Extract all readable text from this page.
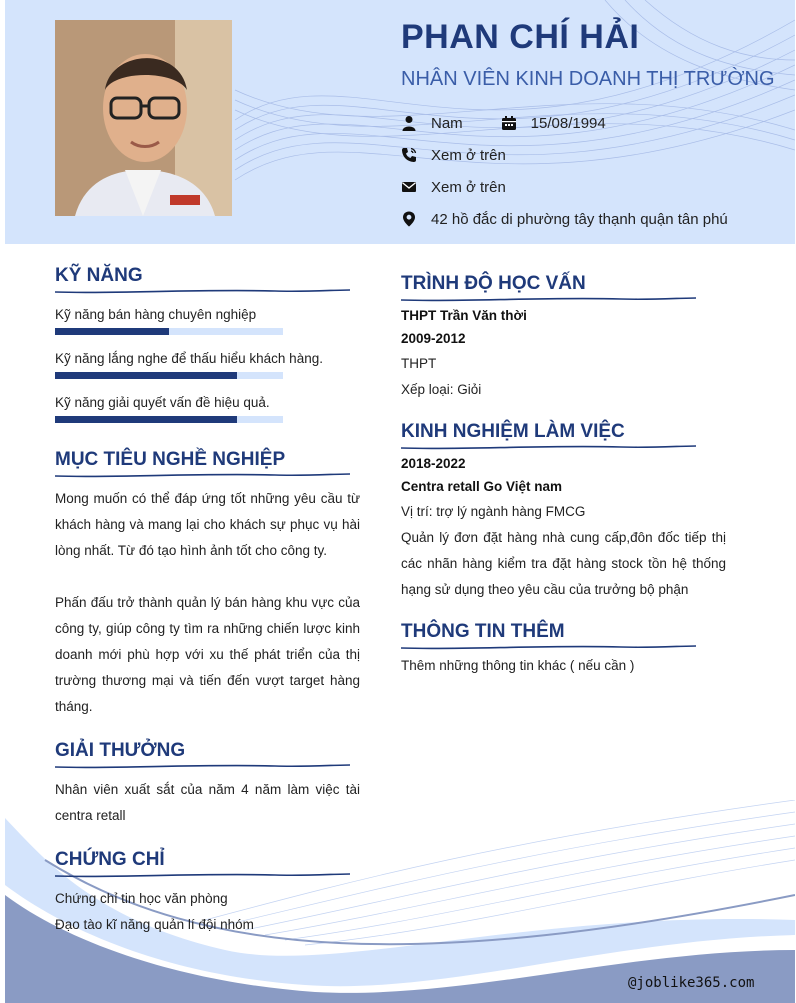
PHAN CHÍ HẢI
NHÂN VIÊN KINH DOANH THỊ TRƯỜNG
Nam	15/08/1994
Xem ở trên
Xem ở trên
42 hồ đắc di phường tây thạnh quận tân phú
KỸ NĂNG
Kỹ năng bán hàng chuyên nghiệp
Kỹ năng lắng nghe để thấu hiểu khách hàng.
Kỹ năng giải quyết vấn đề hiệu quả.
MỤC TIÊU NGHỀ NGHIỆP
Mong muốn có thể đáp ứng tốt những yêu cầu từ khách hàng và mang lại cho khách sự phục vụ hài lòng nhất. Từ đó tạo hình ảnh tốt cho công ty.
Phấn đấu trở thành quản lý bán hàng khu vực của công ty, giúp công ty tìm ra những chiến lược kinh doanh mới phù hợp với xu thế phát triển của thị trường thương mại và tiến đến vượt target hàng tháng.
GIẢI THƯỞNG
Nhân viên xuất sắt của năm 4 năm làm việc tài centra retall
CHỨNG CHỈ
Chứng chỉ tin học văn phòng
Đạo tào kĩ năng quản lí đội nhóm
TRÌNH ĐỘ HỌC VẤN
THPT Trần Văn thời
2009-2012
THPT
Xếp loại: Giỏi
KINH NGHIỆM LÀM VIỆC
2018-2022
Centra retall Go Việt nam
Vị trí: trợ lý ngành hàng FMCG
Quản lý đơn đặt hàng nhà cung cấp,đôn đốc tiếp thị các nhãn hàng kiểm tra đặt hàng stock tồn hệ thống hạng sử dụng theo yêu cầu của trưởng bộ phận
THÔNG TIN THÊM
Thêm những thông tin khác ( nếu cần )
@joblike365.com
